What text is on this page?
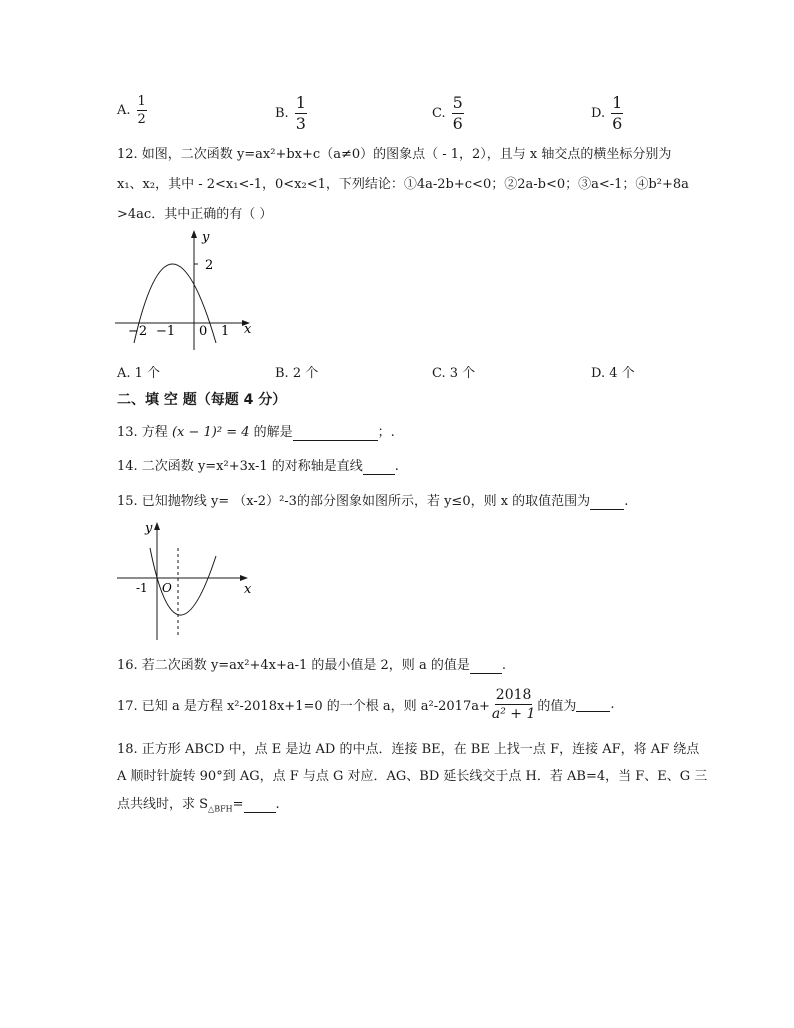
A. $\frac{1}{2}$	B. $\frac{1}{3}$	C. $\frac{5}{6}$	D. $\frac{1}{6}$
12. 如图，二次函数 y=ax²+bx+c（a≠0）的图象点（ - 1，2），且与 x 轴交点的横坐标分别为
x₁、x₂，其中 - 2<x₁<-1，0<x₂<1，下列结论：①4a-2b+c<0；②2a-b<0；③a<-1；④b²+8a
>4ac．其中正确的有（ ）
y
2
x
−2 −1 0 1
A. 1 个	B. 2 个	C. 3 个	D. 4 个
二、填 空 题（每题 4 分）
13. 方程 (x − 1)² = 4 的解是	；.
14. 二次函数 y=x²+3x-1 的对称轴是直线 .
15. 已知抛物线 y= （x-2）²-3的部分图象如图所示，若 y≤0，则 x 的取值范围为	.
y
x
-1 O
16. 若二次函数 y=ax²+4x+a-1 的最小值是 2，则 a 的值是 .
17. 已知 a 是方程 x²-2018x+1=0 的一个根 a，则 $a^2-2017a+ \frac{2018}{\text{a² + 1}}$ 的值为
	.
18. 正方形 ABCD 中，点 E 是边 AD 的中点．连接 BE，在 BE 上找一点 F，连接 AF，将 AF 绕点
A 顺时针旋转 90°到 AG，点 F 与点 G 对应．AG、BD 延长线交于点 H．若 AB=4，当 F、E、G 三
点共线时，求 $S_{\triangle BFH}=$ .
